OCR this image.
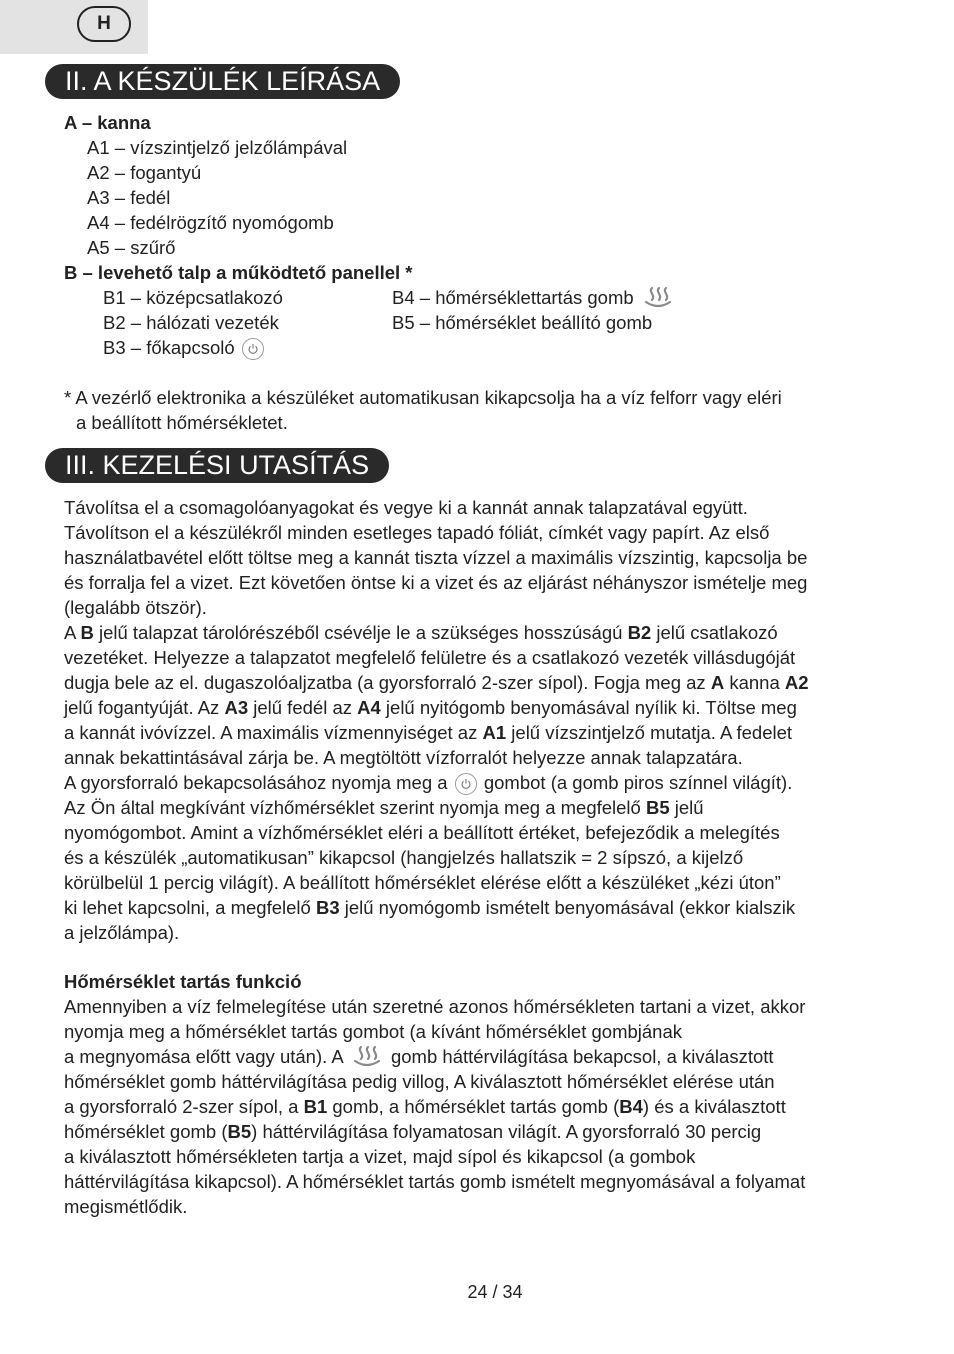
H
II. A KÉSZÜLÉK LEÍRÁSA
A – kanna
A1 – vízszintjelző jelzőlámpával
A2 – fogantyú
A3 – fedél
A4 – fedélrögzítő nyomógomb
A5 – szűrő
B – levehető talp a működtető panellel *
B1 – középcsatlakozó
B2 – hálózati vezeték
B3 – főkapcsoló
B4 – hőmérséklettartás gomb
B5 – hőmérséklet beállító gomb
* A vezérlő elektronika a készüléket automatikusan kikapcsolja ha a víz felforr vagy eléri
a beállított hőmérsékletet.
III. KEZELÉSI UTASÍTÁS
Távolítsa el a csomagolóanyagokat és vegye ki a kannát annak talapzatával együtt.
Távolítson el a készülékről minden esetleges tapadó fóliát, címkét vagy papírt. Az első
használatbavétel előtt töltse meg a kannát tiszta vízzel a maximális vízszintig, kapcsolja be
és forralja fel a vizet. Ezt követően öntse ki a vizet és az eljárást néhányszor ismételje meg
(legalább ötször).
A B jelű talapzat tárolórészéből csévélje le a szükséges hosszúságú B2 jelű csatlakozó
vezetéket. Helyezze a talapzatot megfelelő felületre és a csatlakozó vezeték villásdugóját
dugja bele az el. dugaszolóaljzatba (a gyorsforraló 2-szer sípol). Fogja meg az A kanna A2
jelű fogantyúját. Az A3 jelű fedél az A4 jelű nyitógomb benyomásával nyílik ki. Töltse meg
a kannát ivóvízzel. A maximális vízmennyiséget az A1 jelű vízszintjelző mutatja. A fedelet
annak bekattintásával zárja be. A megtöltött vízforralót helyezze annak talapzatára.
A gyorsforraló bekapcsolásához nyomja meg a gombot (a gomb piros színnel világít).
Az Ön által megkívánt vízhőmérséklet szerint nyomja meg a megfelelő B5 jelű
nyomógombot. Amint a vízhőmérséklet eléri a beállított értéket, befejeződik a melegítés
és a készülék „automatikusan” kikapcsol (hangjelzés hallatszik = 2 sípszó, a kijelző
körülbelül 1 percig világít). A beállított hőmérséklet elérése előtt a készüléket „kézi úton”
ki lehet kapcsolni, a megfelelő B3 jelű nyomógomb ismételt benyomásával (ekkor kialszik
a jelzőlámpa).
Hőmérséklet tartás funkció
Amennyiben a víz felmelegítése után szeretné azonos hőmérsékleten tartani a vizet, akkor
nyomja meg a hőmérséklet tartás gombot (a kívánt hőmérséklet gombjának
a megnyomása előtt vagy után). A	gomb háttérvilágítása bekapcsol, a kiválasztott
hőmérséklet gomb háttérvilágítása pedig villog, A kiválasztott hőmérséklet elérése után
a gyorsforraló 2-szer sípol, a B1 gomb, a hőmérséklet tartás gomb (B4) és a kiválasztott
hőmérséklet gomb (B5) háttérvilágítása folyamatosan világít. A gyorsforraló 30 percig
a kiválasztott hőmérsékleten tartja a vizet, majd sípol és kikapcsol (a gombok
háttérvilágítása kikapcsol). A hőmérséklet tartás gomb ismételt megnyomásával a folyamat
megismétlődik.
24 / 34
